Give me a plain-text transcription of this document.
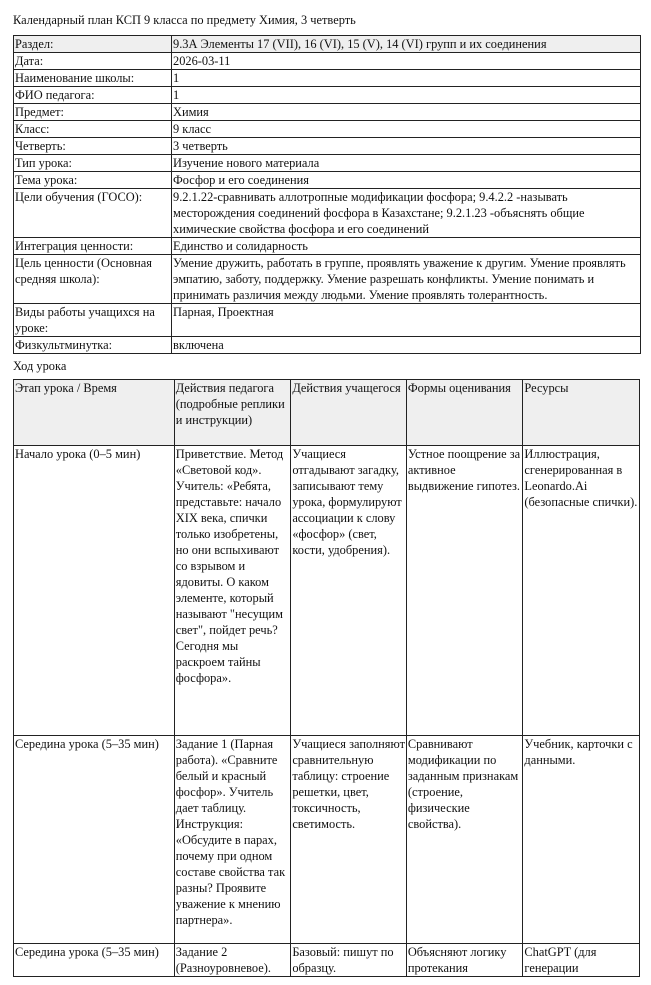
Календарный план КСП 9 класса по предмету Химия, 3 четверть
Раздел:	9.3А Элементы 17 (VII), 16 (VI), 15 (V), 14 (VI) групп и их соединения
Дата:	2026-03-11
Наименование школы:	1
ФИО педагога:	1
Предмет:	Химия
Класс:	9 класс
Четверть:	3 четверть
Тип урока:	Изучение нового материала
Тема урока:	Фосфор и его соединения
Цели обучения (ГОСО):	9.2.1.22-сравнивать аллотропные модификации фосфора; 9.4.2.2 -называть месторождения соединений фосфора в Казахстане; 9.2.1.23 -объяснять общие химические свойства фосфора и его соединений
Интеграция ценности:	Единство и солидарность
Цель ценности (Основная средняя школа):	Умение дружить, работать в группе, проявлять уважение к другим. Умение проявлять эмпатию, заботу, поддержку. Умение разрешать конфликты. Умение понимать и принимать различия между людьми. Умение проявлять толерантность.
Виды работы учащихся на уроке:	Парная, Проектная
Физкультминутка:	включена
Ход урока
Этап урока / Время	Действия педагога (подробные реплики и инструкции)	Действия учащегося	Формы оценивания	Ресурсы
Начало урока (0–5 мин)	Приветствие. Метод «Световой код». Учитель: «Ребята, представьте: начало XIX века, спички только изобретены, но они вспыхивают со взрывом и ядовиты. О каком элементе, который называют "несущим свет", пойдет речь? Сегодня мы раскроем тайны фосфора».	Учащиеся отгадывают загадку, записывают тему урока, формулируют ассоциации к слову «фосфор» (свет, кости, удобрения).	Устное поощрение за активное выдвижение гипотез.	Иллюстрация, сгенерированная в Leonardo.Ai (безопасные спички).
Середина урока (5–35 мин)	Задание 1 (Парная работа). «Сравните белый и красный фосфор». Учитель дает таблицу. Инструкция: «Обсудите в парах, почему при одном составе свойства так разны? Проявите уважение к мнению партнера».	Учащиеся заполняют сравнительную таблицу: строение решетки, цвет, токсичность, светимость.	Сравнивают модификации по заданным признакам (строение, физические свойства).	Учебник, карточки с данными.
Середина урока (5–35 мин)	Задание 2 (Разноуровневое).	Базовый: пишут по образцу.	Объясняют логику протекания	ChatGPT (для генерации
